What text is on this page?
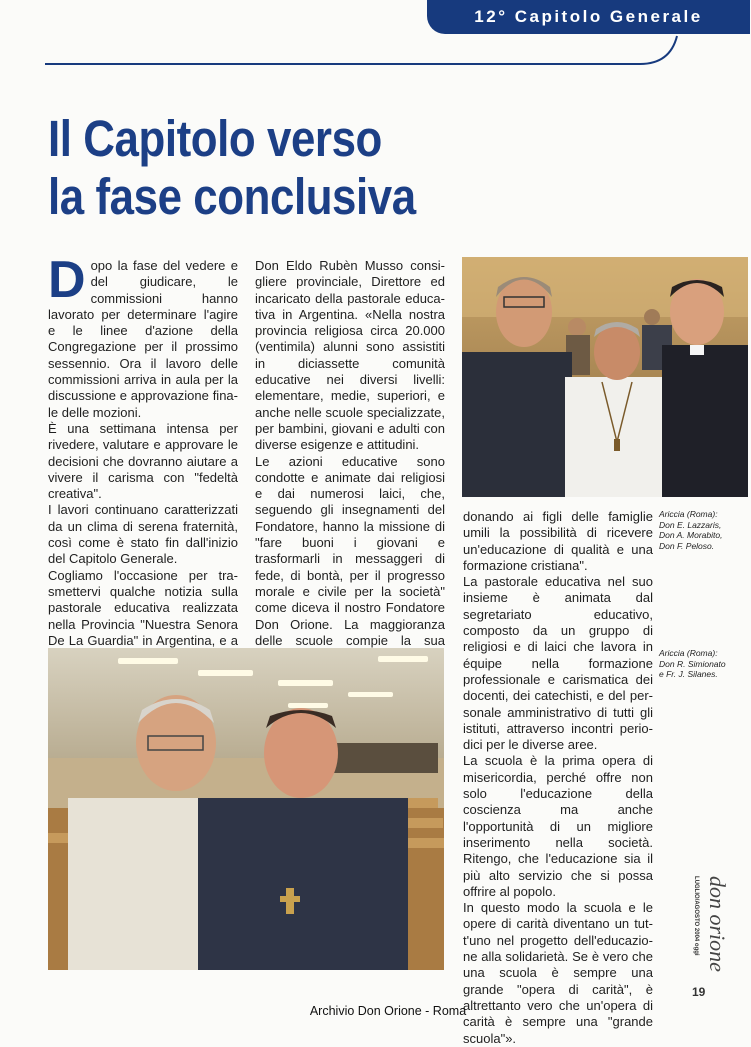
12° Capitolo Generale
Il Capitolo verso
la fase conclusiva
D opo la fase del vedere e del giudicare, le commissioni hanno lavorato per determinare l'agire e le linee d'azione della Congregazione per il prossimo sessennio. Ora il lavoro delle commissioni arriva in aula per la discussione e approvazione finale delle mozioni.

È una settimana intensa per rivedere, valutare e approvare le decisioni che dovranno aiutare a vivere il carisma con "fedeltà creativa".

I lavori continuano caratterizzati da un clima di serena fraternità, così come è stato fin dall'inizio del Capitolo Generale.

Cogliamo l'occasione per trasmettervi qualche notizia sulla pastorale educativa realizzata nella Provincia "Nuestra Senora De La Guardia" in Argentina, e a

Don Eldo Rubèn Musso consigliere provinciale, Direttore ed incaricato della pastorale educativa in Argentina. «Nella nostra provincia religiosa circa 20.000 (ventimila) alunni sono assistiti in diciassette comunità educative nei diversi livelli: elementare, medie, superiori, e anche nelle scuole specializzate, per bambini, giovani e adulti con diverse esigenze e attitudini.

Le azioni educative sono condotte e animate dai religiosi e dai numerosi laici, che, seguendo gli insegnamenti del Fondatore, hanno la missione di "fare buoni i giovani e trasformarli in messaggeri di fede, di bontà, per il progresso morale e civile per la società" come diceva il nostro Fondatore Don Orione. La maggioranza delle scuole compie la sua

donando ai figli delle famiglie umili la possibilità di ricevere un'educazione di qualità e una formazione cristiana".

La pastorale educativa nel suo insieme è animata dal segretariato educativo, composto da un gruppo di religiosi e di laici che lavora in équipe nella formazione professionale e carismatica dei docenti, dei catechisti, e del personale amministrativo di tutti gli istituti, attraverso incontri periodici per le diverse aree.

La scuola è la prima opera di misericordia, perché offre non solo l'educazione della coscienza ma anche l'opportunità di un migliore inserimento nella società. Ritengo, che l'educazione sia il più alto servizio che si possa offrire al popolo.

In questo modo la scuola e le opere di carità diventano un tutt'uno nel progetto dell'educazione alla solidarietà. Se è vero che una scuola è sempre una grande "opera di carità", è altrettanto vero che un'opera di carità è sempre una "grande scuola"».

Ariccia (Roma):
Don E. Lazzaris,
Don A. Morabito,
Don F. Peloso.
Ariccia (Roma):
Don R. Simionato
e Fr. J. Silanes.
don orione
LUGLIO/AGOSTO 2004 oggi
19
Archivio Don Orione - Roma
